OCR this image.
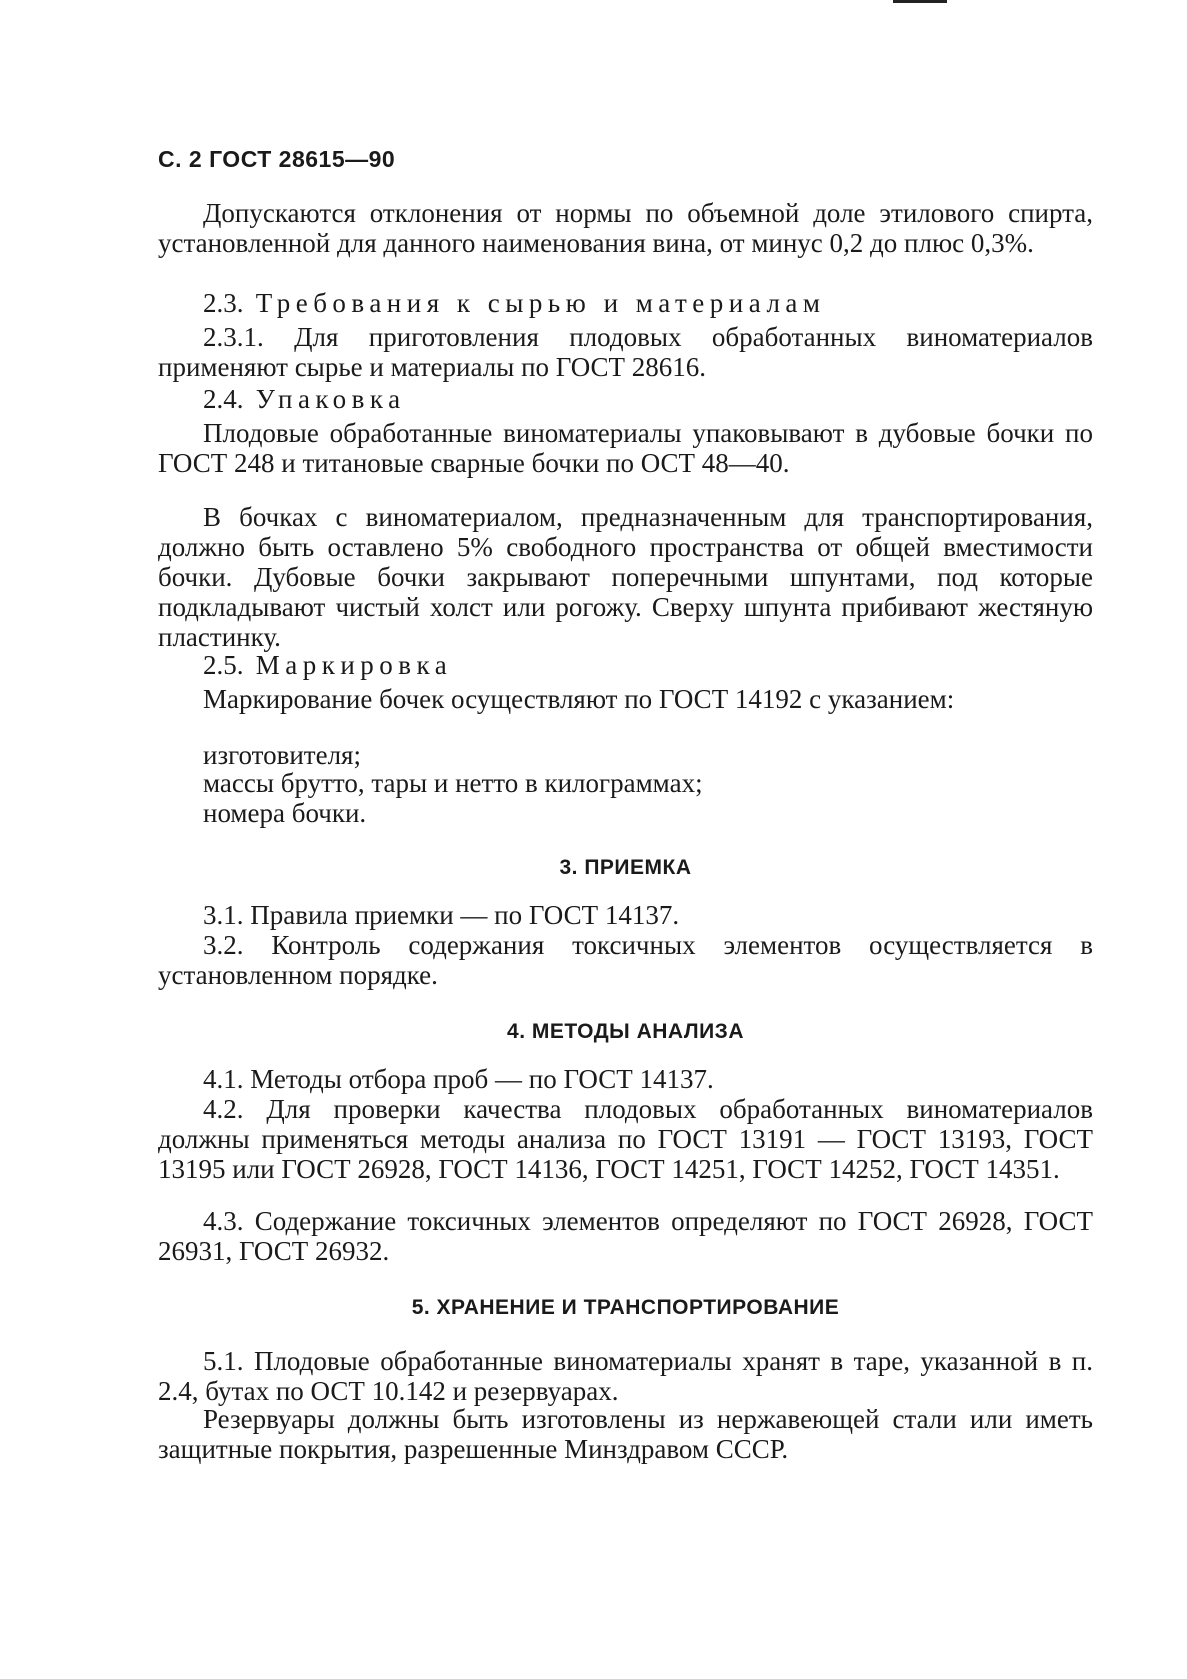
С. 2 ГОСТ 28615—90

Допускаются отклонения от нормы по объемной доле этилового спирта, установленной для данного наименования вина, от минус 0,2 до плюс 0,3%.

2.3. Требования к сырью и материалам

2.3.1. Для приготовления плодовых обработанных виноматериалов применяют сырье и материалы по ГОСТ 28616.

2.4. Упаковка

Плодовые обработанные виноматериалы упаковывают в дубовые бочки по ГОСТ 248 и титановые сварные бочки по ОСТ 48—40.

В бочках с виноматериалом, предназначенным для транспортирования, должно быть оставлено 5% свободного пространства от общей вместимости бочки. Дубовые бочки закрывают поперечными шпунтами, под которые подкладывают чистый холст или рогожу. Сверху шпунта прибивают жестяную пластинку.

2.5. Маркировка

Маркирование бочек осуществляют по ГОСТ 14192 с указанием:

изготовителя;

массы брутто, тары и нетто в килограммах;

номера бочки.

3. ПРИЕМКА

3.1. Правила приемки — по ГОСТ 14137.

3.2. Контроль содержания токсичных элементов осуществляется в установленном порядке.

4. МЕТОДЫ АНАЛИЗА

4.1. Методы отбора проб — по ГОСТ 14137.

4.2. Для проверки качества плодовых обработанных виноматериалов должны применяться методы анализа по ГОСТ 13191 — ГОСТ 13193, ГОСТ 13195 или ГОСТ 26928, ГОСТ 14136, ГОСТ 14251, ГОСТ 14252, ГОСТ 14351.

4.3. Содержание токсичных элементов определяют по ГОСТ 26928, ГОСТ 26931, ГОСТ 26932.

5. ХРАНЕНИЕ И ТРАНСПОРТИРОВАНИЕ

5.1. Плодовые обработанные виноматериалы хранят в таре, указанной в п. 2.4, бутах по ОСТ 10.142 и резервуарах.

Резервуары должны быть изготовлены из нержавеющей стали или иметь защитные покрытия, разрешенные Минздравом СССР.
